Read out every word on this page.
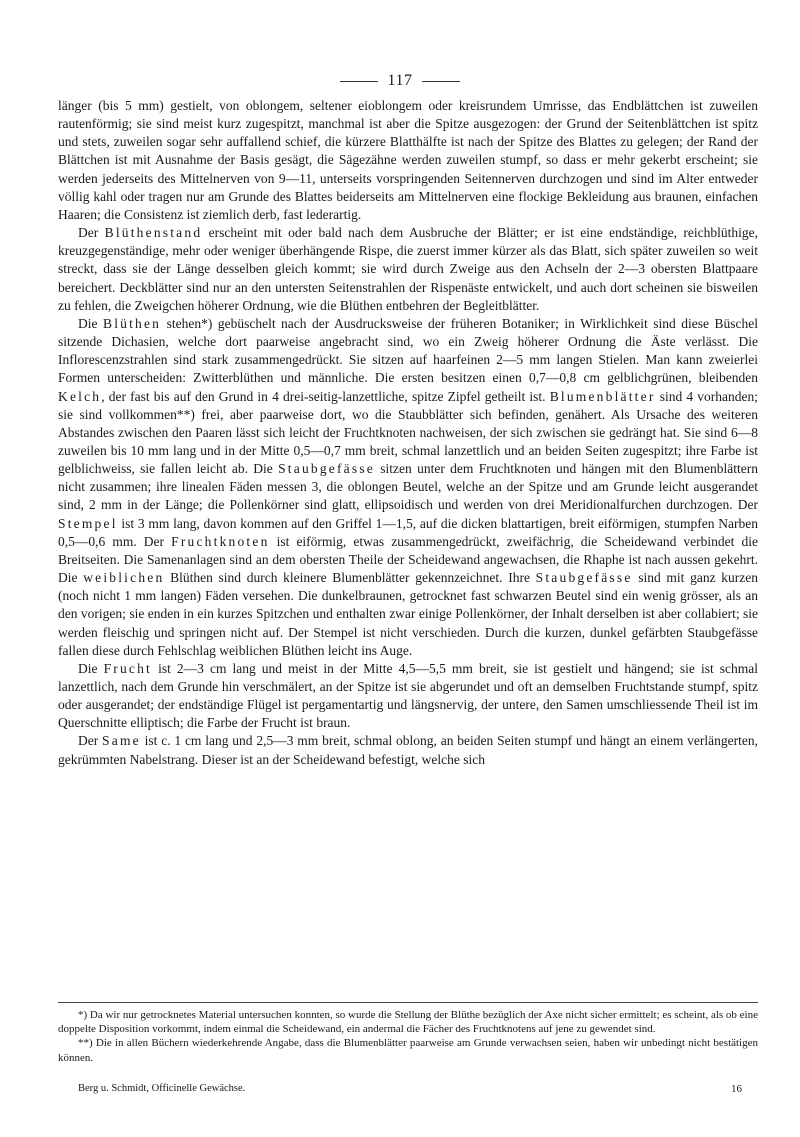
117

länger (bis 5 mm) gestielt, von oblongem, seltener eioblongem oder kreisrundem Umrisse, das Endblättchen ist zuweilen rautenförmig; sie sind meist kurz zugespitzt, manchmal ist aber die Spitze ausgezogen: der Grund der Seitenblättchen ist spitz und stets, zuweilen sogar sehr auffallend schief, die kürzere Blatthälfte ist nach der Spitze des Blattes zu gelegen; der Rand der Blättchen ist mit Ausnahme der Basis gesägt, die Sägezähne werden zuweilen stumpf, so dass er mehr gekerbt erscheint; sie werden jederseits des Mittelnerven von 9—11, unterseits vorspringenden Seitennerven durchzogen und sind im Alter entweder völlig kahl oder tragen nur am Grunde des Blattes beiderseits am Mittelnerven eine flockige Bekleidung aus braunen, einfachen Haaren; die Consistenz ist ziemlich derb, fast lederartig.

Der Blüthenstand erscheint mit oder bald nach dem Ausbruche der Blätter; er ist eine endständige, reichblüthige, kreuzgegenständige, mehr oder weniger überhängende Rispe, die zuerst immer kürzer als das Blatt, sich später zuweilen so weit streckt, dass sie der Länge desselben gleich kommt; sie wird durch Zweige aus den Achseln der 2—3 obersten Blattpaare bereichert. Deckblätter sind nur an den untersten Seitenstrahlen der Rispenäste entwickelt, und auch dort scheinen sie bisweilen zu fehlen, die Zweigchen höherer Ordnung, wie die Blüthen entbehren der Begleitblätter.

Die Blüthen stehen*) gebüschelt nach der Ausdrucksweise der früheren Botaniker; in Wirklichkeit sind diese Büschel sitzende Dichasien, welche dort paarweise angebracht sind, wo ein Zweig höherer Ordnung die Äste verlässt. Die Infloresсenzstrahlen sind stark zusammengedrückt. Sie sitzen auf haarfeinen 2—5 mm langen Stielen. Man kann zweierlei Formen unterscheiden: Zwitterblüthen und männliche. Die ersten besitzen einen 0,7—0,8 cm gelblichgrünen, bleibenden Kelch, der fast bis auf den Grund in 4 drei-seitig-lanzettliche, spitze Zipfel getheilt ist. Blumenblätter sind 4 vorhanden; sie sind vollkommen**) frei, aber paarweise dort, wo die Staubblätter sich befinden, genähert. Als Ursache des weiteren Abstandes zwischen den Paaren lässt sich leicht der Fruchtknoten nachweisen, der sich zwischen sie gedrängt hat. Sie sind 6—8 zuweilen bis 10 mm lang und in der Mitte 0,5—0,7 mm breit, schmal lanzettlich und an beiden Seiten zugespitzt; ihre Farbe ist gelblichweiss, sie fallen leicht ab. Die Staubgefässe sitzen unter dem Fruchtknoten und hängen mit den Blumenblättern nicht zusammen; ihre linealen Fäden messen 3, die oblongen Beutel, welche an der Spitze und am Grunde leicht ausgerandet sind, 2 mm in der Länge; die Pollenkörner sind glatt, ellipsoidisch und werden von drei Meridionalfurchen durchzogen. Der Stempel ist 3 mm lang, davon kommen auf den Griffel 1—1,5, auf die dicken blattartigen, breit eiförmigen, stumpfen Narben 0,5—0,6 mm. Der Fruchtknoten ist eiförmig, etwas zusammengedrückt, zweifächrig, die Scheidewand verbindet die Breitseiten. Die Samenanlagen sind an dem obersten Theile der Scheidewand angewachsen, die Rhaphe ist nach aussen gekehrt. Die weiblichen Blüthen sind durch kleinere Blumenblätter gekennzeichnet. Ihre Staubgefässe sind mit ganz kurzen (noch nicht 1 mm langen) Fäden versehen. Die dunkelbraunen, getrocknet fast schwarzen Beutel sind ein wenig grösser, als an den vorigen; sie enden in ein kurzes Spitzchen und enthalten zwar einige Pollenkörner, der Inhalt derselben ist aber collabiert; sie werden fleischig und springen nicht auf. Der Stempel ist nicht verschieden. Durch die kurzen, dunkel gefärbten Staubgefässe fallen diese durch Fehlschlag weiblichen Blüthen leicht ins Auge.

Die Frucht ist 2—3 cm lang und meist in der Mitte 4,5—5,5 mm breit, sie ist gestielt und hängend; sie ist schmal lanzettlich, nach dem Grunde hin verschmälert, an der Spitze ist sie abgerundet und oft an demselben Fruchtstande stumpf, spitz oder ausgerandet; der endständige Flügel ist pergamentartig und längsnervig, der untere, den Samen umschliessende Theil ist im Querschnitte elliptisch; die Farbe der Frucht ist braun.

Der Same ist c. 1 cm lang und 2,5—3 mm breit, schmal oblong, an beiden Seiten stumpf und hängt an einem verlängerten, gekrümmten Nabelstrang. Dieser ist an der Scheidewand befestigt, welche sich

*) Da wir nur getrocknetes Material untersuchen konnten, so wurde die Stellung der Blüthe bezüglich der Axe nicht sicher ermittelt; es scheint, als ob eine doppelte Disposition vorkommt, indem einmal die Scheidewand, ein andermal die Fächer des Fruchtknotens auf jene zu gewendet sind.

**) Die in allen Büchern wiederkehrende Angabe, dass die Blumenblätter paarweise am Grunde verwachsen seien, haben wir unbedingt nicht bestätigen können.

Berg u. Schmidt, Officinelle Gewächse.	16
